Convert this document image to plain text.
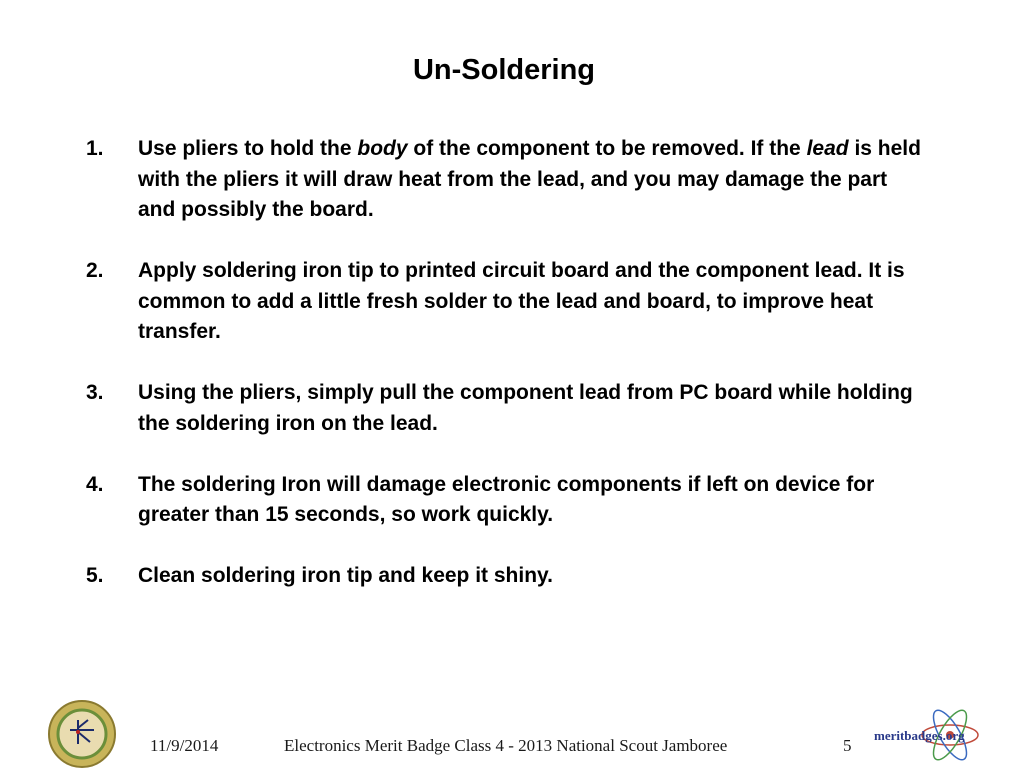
Un-Soldering
1. Use pliers to hold the body of the component to be removed. If the lead is held with the pliers it will draw heat from the lead, and you may damage the part and possibly the board.
2. Apply soldering iron tip to printed circuit board and the component lead. It is common to add a little fresh solder to the lead and board, to improve heat transfer.
3. Using the pliers, simply pull the component lead from PC board while holding the soldering iron on the lead.
4. The soldering Iron will damage electronic components if left on device for greater than 15 seconds, so work quickly.
5. Clean soldering iron tip and keep it shiny.
11/9/2014	Electronics Merit Badge Class 4 - 2013 National Scout Jamboree	5
meritbadges.org
